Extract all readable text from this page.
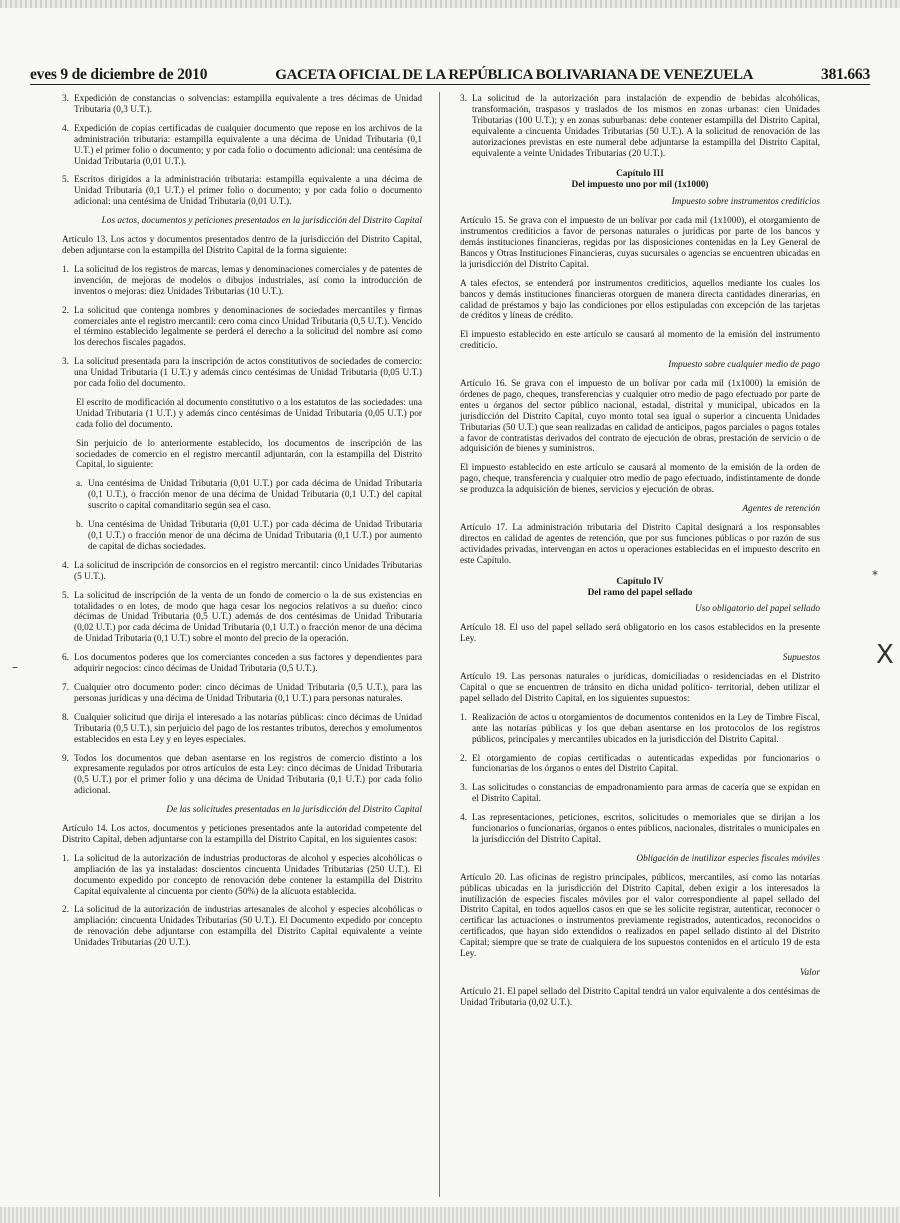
eves 9 de diciembre de 2010	GACETA OFICIAL DE LA REPÚBLICA BOLIVARIANA DE VENEZUELA	381.663
3. Expedición de constancias o solvencias: estampilla equivalente a tres décimas de Unidad Tributaria (0,3 U.T.).
4. Expedición de copias certificadas de cualquier documento que repose en los archivos de la administración tributaria: estampilla equivalente a una décima de Unidad Tributaria (0,1 U.T.) el primer folio o documento; y por cada folio o documento adicional: una centésima de Unidad Tributaria (0,01 U.T.).
5. Escritos dirigidos a la administración tributaria: estampilla equivalente a una décima de Unidad Tributaria (0,1 U.T.) el primer folio o documento; y por cada folio o documento adicional: una centésima de Unidad Tributaria (0,01 U.T.).
Los actos, documentos y peticiones presentados en la jurisdicción del Distrito Capital
Artículo 13. Los actos y documentos presentados dentro de la jurisdicción del Distrito Capital, deben adjuntarse con la estampilla del Distrito Capital de la forma siguiente:
1. La solicitud de los registros de marcas, lemas y denominaciones comerciales y de patentes de invención, de mejoras de modelos o dibujos industriales, así como la introducción de inventos o mejoras: diez Unidades Tributarias (10 U.T.).
2. La solicitud que contenga nombres y denominaciones de sociedades mercantiles y firmas comerciales ante el registro mercantil: cero coma cinco Unidad Tributaria (0,5 U.T.). Vencido el término establecido legalmente se perderá el derecho a la solicitud del nombre así como los derechos fiscales pagados.
3. La solicitud presentada para la inscripción de actos constitutivos de sociedades de comercio: una Unidad Tributaria (1 U.T.) y además cinco centésimas de Unidad Tributaria (0,05 U.T.) por cada folio del documento.
El escrito de modificación al documento constitutivo o a los estatutos de las sociedades: una Unidad Tributaria (1 U.T.) y además cinco centésimas de Unidad Tributaria (0,05 U.T.) por cada folio del documento.
Sin perjuicio de lo anteriormente establecido, los documentos de inscripción de las sociedades de comercio en el registro mercantil adjuntarán, con la estampilla del Distrito Capital, lo siguiente:
a. Una centésima de Unidad Tributaria (0,01 U.T.) por cada décima de Unidad Tributaria (0,1 U.T.), o fracción menor de una décima de Unidad Tributaria (0,1 U.T.) del capital suscrito o capital comanditario según sea el caso.
b. Una centésima de Unidad Tributaria (0,01 U.T.) por cada décima de Unidad Tributaria (0,1 U.T.) o fracción menor de una décima de Unidad Tributaria (0,1 U.T.) por aumento de capital de dichas sociedades.
4. La solicitud de inscripción de consorcios en el registro mercantil: cinco Unidades Tributarias (5 U.T.).
5. La solicitud de inscripción de la venta de un fondo de comercio o la de sus existencias en totalidades o en lotes, de modo que haga cesar los negocios relativos a su dueño: cinco décimas de Unidad Tributaria (0,5 U.T.) además de dos centésimas de Unidad Tributaria (0,02 U.T.) por cada décima de Unidad Tributaria (0,1 U.T.) o fracción menor de una décima de Unidad Tributaria (0,1 U.T.) sobre el monto del precio de la operación.
6. Los documentos poderes que los comerciantes conceden a sus factores y dependientes para adquirir negocios: cinco décimas de Unidad Tributaria (0,5 U.T.).
7. Cualquier otro documento poder: cinco décimas de Unidad Tributaria (0,5 U.T.), para las personas jurídicas y una décima de Unidad Tributaria (0,1 U.T.) para personas naturales.
8. Cualquier solicitud que dirija el interesado a las notarías públicas: cinco décimas de Unidad Tributaria (0,5 U.T.), sin perjuicio del pago de los restantes tributos, derechos y emolumentos establecidos en esta Ley y en leyes especiales.
9. Todos los documentos que deban asentarse en los registros de comercio distinto a los expresamente regulados por otros artículos de esta Ley: cinco décimas de Unidad Tributaria (0,5 U.T.) por el primer folio y una décima de Unidad Tributaria (0,1 U.T.) por cada folio adicional.
De las solicitudes presentadas en la jurisdicción del Distrito Capital
Artículo 14. Los actos, documentos y peticiones presentados ante la autoridad competente del Distrito Capital, deben adjuntarse con la estampilla del Distrito Capital, en los siguientes casos:
1. La solicitud de la autorización de industrias productoras de alcohol y especies alcohólicas o ampliación de las ya instaladas: doscientos cincuenta Unidades Tributarias (250 U.T.). El documento expedido por concepto de renovación debe contener la estampilla del Distrito Capital equivalente al cincuenta por ciento (50%) de la alícuota establecida.
2. La solicitud de la autorización de industrias artesanales de alcohol y especies alcohólicas o ampliación: cincuenta Unidades Tributarias (50 U.T.). El Documento expedido por concepto de renovación debe adjuntarse con estampilla del Distrito Capital equivalente a veinte Unidades Tributarias (20 U.T.).
3. La solicitud de la autorización para instalación de expendio de bebidas alcohólicas, transformación, traspasos y traslados de los mismos en zonas urbanas: cien Unidades Tributarias (100 U.T.); y en zonas suburbanas: debe contener estampilla del Distrito Capital, equivalente a cincuenta Unidades Tributarias (50 U.T.). A la solicitud de renovación de las autorizaciones previstas en este numeral debe adjuntarse la estampilla del Distrito Capital, equivalente a veinte Unidades Tributarias (20 U.T.).
Capítulo III
Del impuesto uno por mil (1x1000)
Impuesto sobre instrumentos crediticios
Artículo 15. Se grava con el impuesto de un bolívar por cada mil (1x1000), el otorgamiento de instrumentos crediticios a favor de personas naturales o jurídicas por parte de los bancos y demás instituciones financieras, regidas por las disposiciones contenidas en la Ley General de Bancos y Otras Instituciones Financieras, cuyas sucursales o agencias se encuentren ubicadas en la jurisdicción del Distrito Capital.
A tales efectos, se entenderá por instrumentos crediticios, aquellos mediante los cuales los bancos y demás instituciones financieras otorguen de manera directa cantidades dinerarias, en calidad de préstamos y bajo las condiciones por ellos estipuladas con excepción de las tarjetas de créditos y líneas de crédito.
El impuesto establecido en este artículo se causará al momento de la emisión del instrumento crediticio.
Impuesto sobre cualquier medio de pago
Artículo 16. Se grava con el impuesto de un bolívar por cada mil (1x1000) la emisión de órdenes de pago, cheques, transferencias y cualquier otro medio de pago efectuado por parte de entes u órganos del sector público nacional, estadal, distrital y municipal, ubicados en la jurisdicción del Distrito Capital, cuyo monto total sea igual o superior a cincuenta Unidades Tributarias (50 U.T.) que sean realizadas en calidad de anticipos, pagos parciales o pagos totales a favor de contratistas derivados del contrato de ejecución de obras, prestación de servicio o de adquisición de bienes y suministros.
El impuesto establecido en este artículo se causará al momento de la emisión de la orden de pago, cheque, transferencia y cualquier otro medio de pago efectuado, indistintamente de donde se produzca la adquisición de bienes, servicios y ejecución de obras.
Agentes de retención
Artículo 17. La administración tributaria del Distrito Capital designará a los responsables directos en calidad de agentes de retención, que por sus funciones públicas o por razón de sus actividades privadas, intervengan en actos u operaciones establecidas en el impuesto descrito en este Capítulo.
Capítulo IV
Del ramo del papel sellado
Uso obligatorio del papel sellado
Artículo 18. El uso del papel sellado será obligatorio en los casos establecidos en la presente Ley.
Supuestos
Artículo 19. Las personas naturales o jurídicas, domiciliadas o residenciadas en el Distrito Capital o que se encuentren de tránsito en dicha unidad político- territorial, deben utilizar el papel sellado del Distrito Capital, en los siguientes supuestos:
1. Realización de actos u otorgamientos de documentos contenidos en la Ley de Timbre Fiscal, ante las notarías públicas y los que deban asentarse en los protocolos de los registros públicos, principales y mercantiles ubicados en la jurisdicción del Distrito Capital.
2. El otorgamiento de copias certificadas o autenticadas expedidas por funcionarios o funcionarias de los órganos o entes del Distrito Capital.
3. Las solicitudes o constancias de empadronamiento para armas de cacería que se expidan en el Distrito Capital.
4. Las representaciones, peticiones, escritos, solicitudes o memoriales que se dirijan a los funcionarios o funcionarias, órganos o entes públicos, nacionales, distritales o municipales en la jurisdicción del Distrito Capital.
Obligación de inutilizar especies fiscales móviles
Artículo 20. Las oficinas de registro principales, públicos, mercantiles, así como las notarías públicas ubicadas en la jurisdicción del Distrito Capital, deben exigir a los interesados la inutilización de especies fiscales móviles por el valor correspondiente al papel sellado del Distrito Capital, en todos aquellos casos en que se les solicite registrar, autenticar, reconocer o certificar las actuaciones o instrumentos previamente registrados, autenticados, reconocidos o certificados, que hayan sido extendidos o realizados en papel sellado distinto al del Distrito Capital; siempre que se trate de cualquiera de los supuestos contenidos en el artículo 19 de esta Ley.
Valor
Artículo 21. El papel sellado del Distrito Capital tendrá un valor equivalente a dos centésimas de Unidad Tributaria (0,02 U.T.).
X
*
–
